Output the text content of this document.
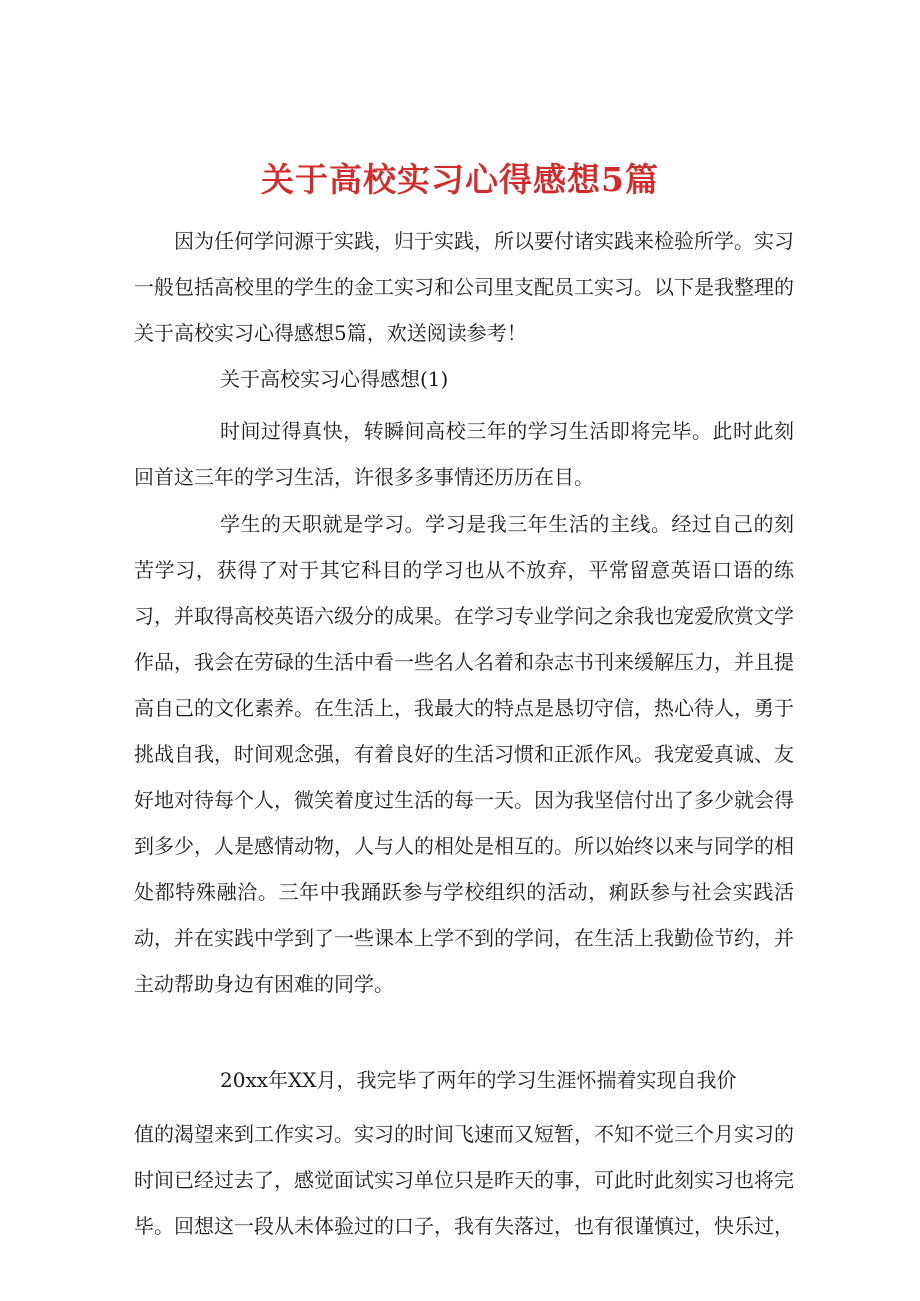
关于高校实习心得感想5篇

因为任何学问源于实践，归于实践，所以要付诸实践来检验所学。实习一般包括高校里的学生的金工实习和公司里支配员工实习。以下是我整理的关于高校实习心得感想5篇，欢送阅读参考！

关于高校实习心得感想(1)

时间过得真快，转瞬间高校三年的学习生活即将完毕。此时此刻回首这三年的学习生活，许很多多事情还历历在目。

学生的天职就是学习。学习是我三年生活的主线。经过自己的刻苦学习，获得了对于其它科目的学习也从不放弃，平常留意英语口语的练习，并取得高校英语六级分的成果。在学习专业学问之余我也宠爱欣赏文学作品，我会在劳碌的生活中看一些名人名着和杂志书刊来缓解压力，并且提高自己的文化素养。在生活上，我最大的特点是恳切守信，热心待人，勇于挑战自我，时间观念强，有着良好的生活习惯和正派作风。我宠爱真诚、友好地对待每个人，微笑着度过生活的每一天。因为我坚信付出了多少就会得到多少，人是感情动物，人与人的相处是相互的。所以始终以来与同学的相处都特殊融洽。三年中我踊跃参与学校组织的活动，痢跃参与社会实践活动，并在实践中学到了一些课本上学不到的学问，在生活上我勤俭节约，并主动帮助身边有困难的同学。

20xx年XX月，我完毕了两年的学习生涯怀揣着实现自我价

值的渴望来到工作实习。实习的时间飞速而又短暂，不知不觉三个月实习的时间已经过去了，感觉面试实习单位只是昨天的事，可此时此刻实习也将完毕。回想这一段从未体验过的口子，我有失落过，也有很谨慎过，快乐过，
